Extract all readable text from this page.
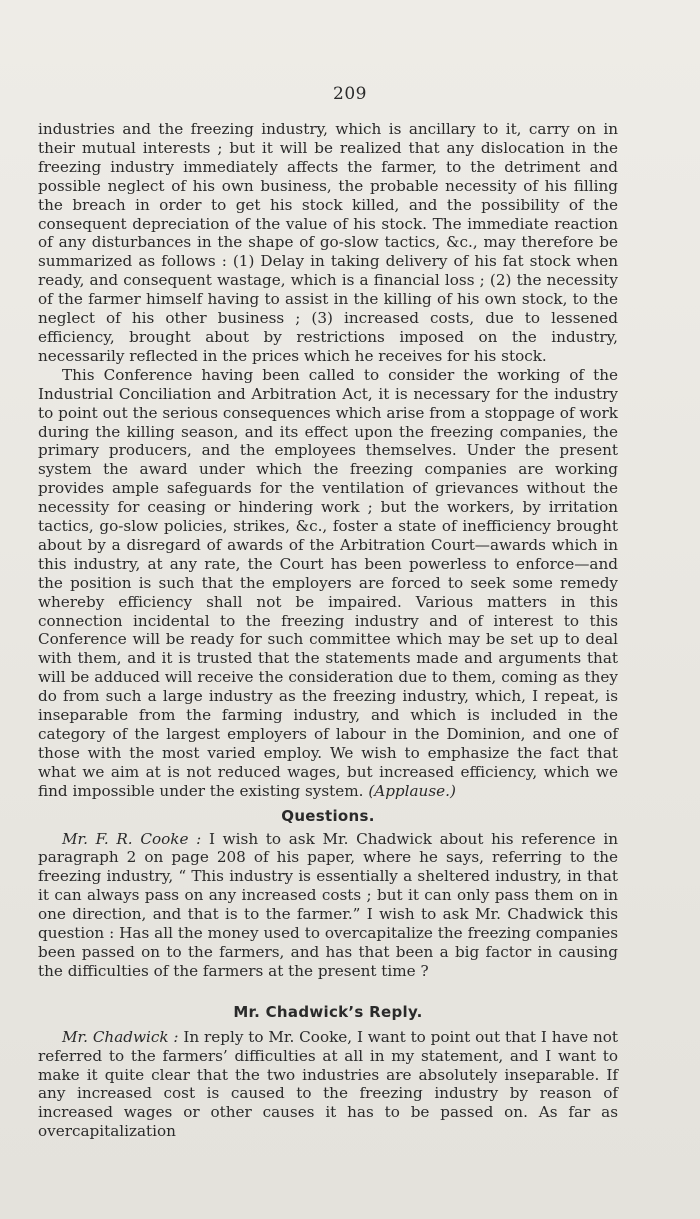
209

industries and the freezing industry, which is ancillary to it, carry on in their mutual interests ; but it will be realized that any dislocation in the freezing industry immediately affects the farmer, to the detriment and possible neglect of his own business, the probable necessity of his filling the breach in order to get his stock killed, and the possibility of the consequent depreciation of the value of his stock. The immediate reaction of any disturbances in the shape of go-slow tactics, &c., may therefore be summarized as follows : (1) Delay in taking delivery of his fat stock when ready, and consequent wastage, which is a financial loss ; (2) the necessity of the farmer himself having to assist in the killing of his own stock, to the neglect of his other business ; (3) increased costs, due to lessened efficiency, brought about by restrictions imposed on the industry, necessarily reflected in the prices which he receives for his stock.

This Conference having been called to consider the working of the Industrial Conciliation and Arbitration Act, it is necessary for the industry to point out the serious consequences which arise from a stoppage of work during the killing season, and its effect upon the freezing companies, the primary producers, and the employees themselves. Under the present system the award under which the freezing companies are working provides ample safeguards for the ventilation of grievances without the necessity for ceasing or hindering work ; but the workers, by irritation tactics, go-slow policies, strikes, &c., foster a state of inefficiency brought about by a disregard of awards of the Arbitration Court—awards which in this industry, at any rate, the Court has been powerless to enforce—and the position is such that the employers are forced to seek some remedy whereby efficiency shall not be impaired. Various matters in this connection incidental to the freezing industry and of interest to this Conference will be ready for such committee which may be set up to deal with them, and it is trusted that the statements made and arguments that will be adduced will receive the consideration due to them, coming as they do from such a large industry as the freezing industry, which, I repeat, is inseparable from the farming industry, and which is included in the category of the largest employers of labour in the Dominion, and one of those with the most varied employ. We wish to emphasize the fact that what we aim at is not reduced wages, but increased efficiency, which we find impossible under the existing system. (Applause.)

Questions.

Mr. F. R. Cooke : I wish to ask Mr. Chadwick about his reference in paragraph 2 on page 208 of his paper, where he says, referring to the freezing industry, “ This industry is essentially a sheltered industry, in that it can always pass on any increased costs ; but it can only pass them on in one direction, and that is to the farmer.” I wish to ask Mr. Chadwick this question : Has all the money used to overcapitalize the freezing companies been passed on to the farmers, and has that been a big factor in causing the difficulties of the farmers at the present time ?

Mr. Chadwick’s Reply.

Mr. Chadwick : In reply to Mr. Cooke, I want to point out that I have not referred to the farmers’ difficulties at all in my statement, and I want to make it quite clear that the two industries are absolutely inseparable. If any increased cost is caused to the freezing industry by reason of increased wages or other causes it has to be passed on. As far as overcapitalization
